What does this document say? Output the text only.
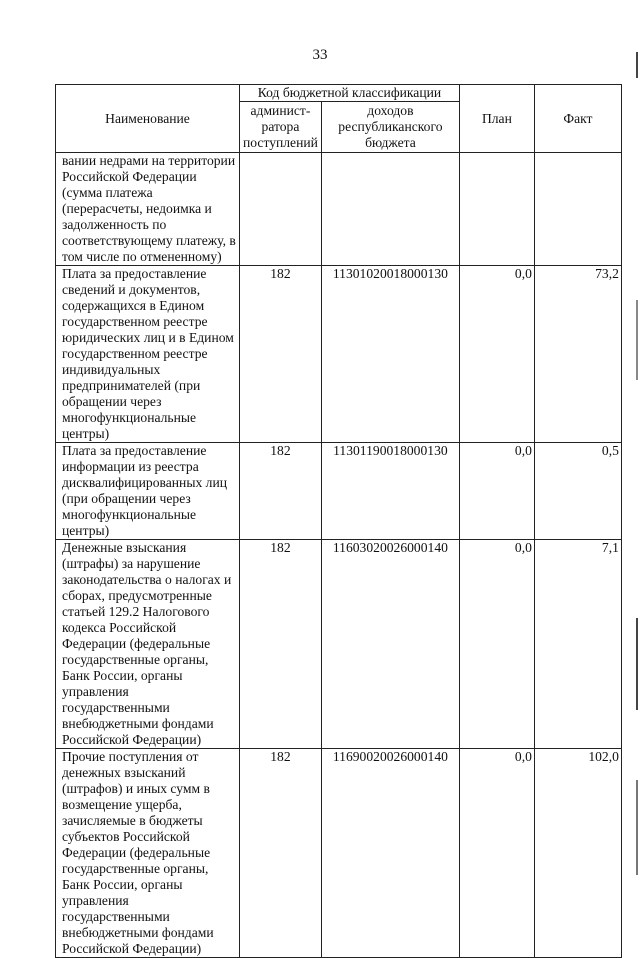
33
Наименование	Код бюджетной классификации		План	Факт
	админист-ратора поступлений	доходов республиканского бюджета		
вании недрами на территории Российской Федерации (сумма платежа (перерасчеты, недоимка и задолженность по соответствующему платежу, в том числе по отмененному)				
Плата за предоставление сведений и документов, содержащихся в Едином государственном реестре юридических лиц и в Едином государственном реестре индивидуальных предпринимателей (при обращении через многофункциональные центры)	182	11301020018000130	0,0	73,2
Плата за предоставление информации из реестра дисквалифицированных лиц (при обращении через многофункциональные центры)	182	11301190018000130	0,0	0,5
Денежные взыскания (штрафы) за нарушение законодательства о налогах и сборах, предусмотренные статьей 129.2 Налогового кодекса Российской Федерации (федеральные государственные органы, Банк России, органы управления государственными внебюджетными фондами Российской Федерации)	182	11603020026000140	0,0	7,1
Прочие поступления от денежных взысканий (штрафов) и иных сумм в возмещение ущерба, зачисляемые в бюджеты субъектов Российской Федерации (федеральные государственные органы, Банк России, органы управления государственными внебюджетными фондами Российской Федерации)	182	11690020026000140	0,0	102,0
